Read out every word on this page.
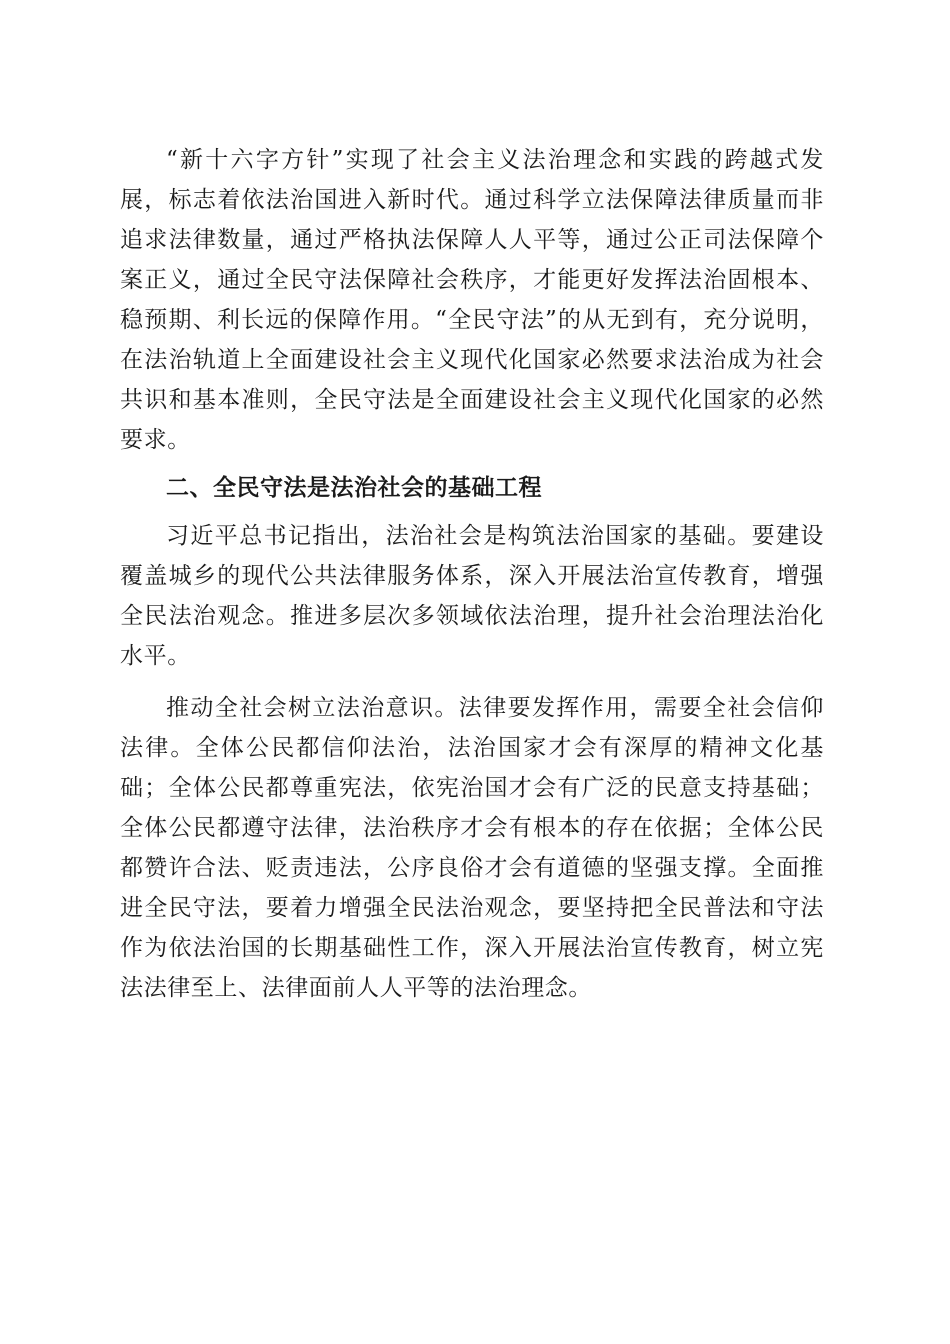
“新十六字方针”实现了社会主义法治理念和实践的跨越式发展，标志着依法治国进入新时代。通过科学立法保障法律质量而非追求法律数量，通过严格执法保障人人平等，通过公正司法保障个案正义，通过全民守法保障社会秩序，才能更好发挥法治固根本、稳预期、利长远的保障作用。“全民守法”的从无到有，充分说明，在法治轨道上全面建设社会主义现代化国家必然要求法治成为社会共识和基本准则，全民守法是全面建设社会主义现代化国家的必然要求。

二、全民守法是法治社会的基础工程

习近平总书记指出，法治社会是构筑法治国家的基础。要建设覆盖城乡的现代公共法律服务体系，深入开展法治宣传教育，增强全民法治观念。推进多层次多领域依法治理，提升社会治理法治化水平。

推动全社会树立法治意识。法律要发挥作用，需要全社会信仰法律。全体公民都信仰法治，法治国家才会有深厚的精神文化基础；全体公民都尊重宪法，依宪治国才会有广泛的民意支持基础；全体公民都遵守法律，法治秩序才会有根本的存在依据；全体公民都赞许合法、贬责违法，公序良俗才会有道德的坚强支撑。全面推进全民守法，要着力增强全民法治观念，要坚持把全民普法和守法作为依法治国的长期基础性工作，深入开展法治宣传教育，树立宪法法律至上、法律面前人人平等的法治理念。
